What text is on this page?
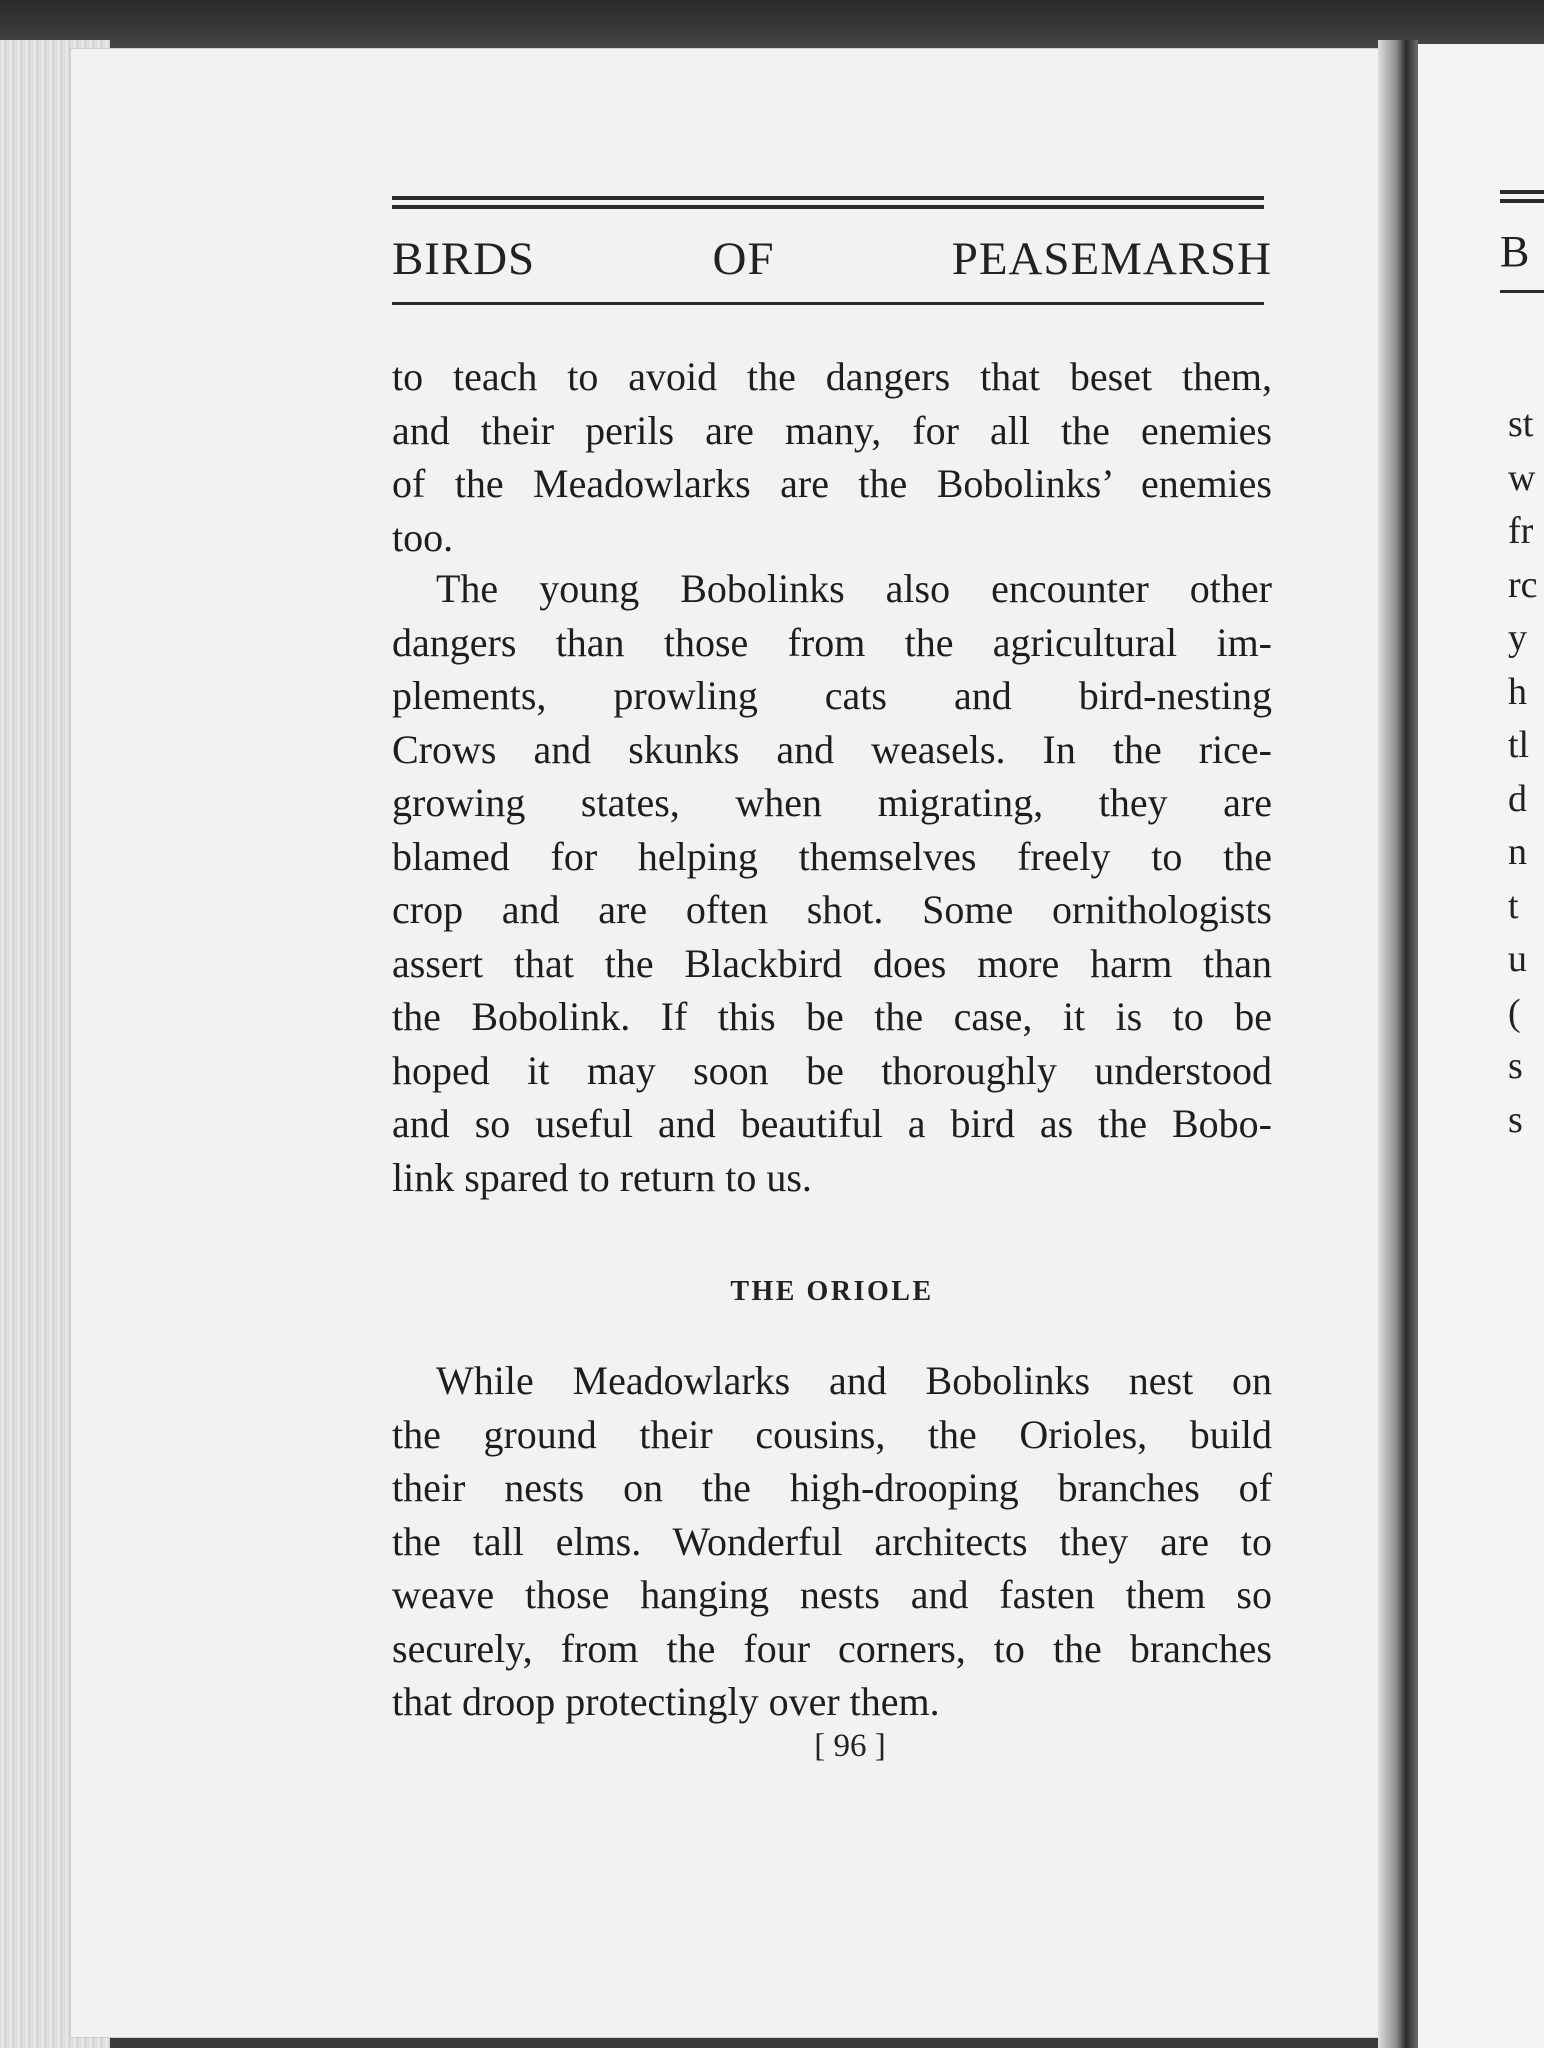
BIRDS	OF	PEASEMARSH
to teach to avoid the dangers that beset them,
and their perils are many, for all the enemies
of the Meadowlarks are the Bobolinks’ enemies
too.
The young Bobolinks also encounter other
dangers than those from the agricultural im-
plements, prowling cats and bird-nesting
Crows and skunks and weasels. In the rice-
growing states, when migrating, they are
blamed for helping themselves freely to the
crop and are often shot. Some ornithologists
assert that the Blackbird does more harm than
the Bobolink. If this be the case, it is to be
hoped it may soon be thoroughly understood
and so useful and beautiful a bird as the Bobo-
link spared to return to us.
THE ORIOLE
While Meadowlarks and Bobolinks nest on
the ground their cousins, the Orioles, build
their nests on the high-drooping branches of
the tall elms. Wonderful architects they are to
weave those hanging nests and fasten them so
securely, from the four corners, to the branches
that droop protectingly over them.
[ 96 ]
B
st
w
fr
rc
y
h
tl
d
n
t
u
(
s
s
